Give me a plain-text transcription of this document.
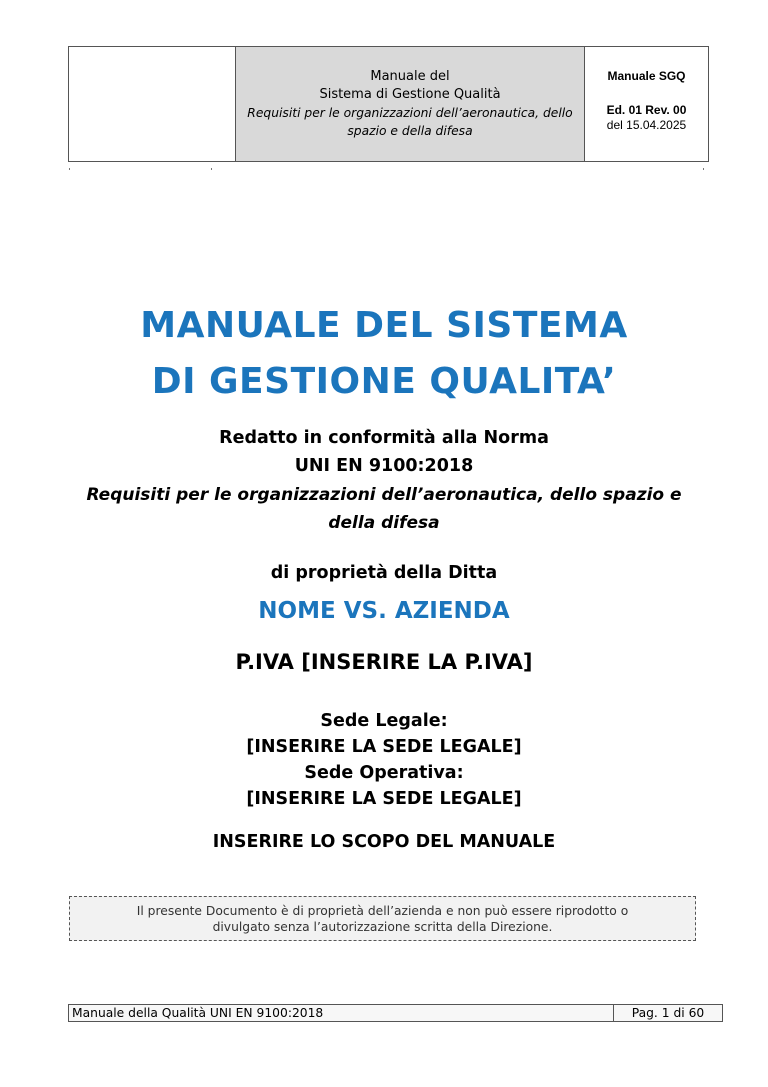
Manuale del
Sistema di Gestione Qualità
Requisiti per le organizzazioni dell’aeronautica, dello
spazio e della difesa
Manuale SGQ
Ed. 01 Rev. 00
del 15.04.2025
MANUALE DEL SISTEMA
DI GESTIONE QUALITA’
Redatto in conformità alla Norma
UNI EN 9100:2018
Requisiti per le organizzazioni dell’aeronautica, dello spazio e
della difesa
di proprietà della Ditta
NOME VS. AZIENDA
P.IVA [INSERIRE LA P.IVA]
Sede Legale:
[INSERIRE LA SEDE LEGALE]
Sede Operativa:
[INSERIRE LA SEDE LEGALE]
INSERIRE LO SCOPO DEL MANUALE
Il presente Documento è di proprietà dell’azienda e non può essere riprodotto o
divulgato senza l’autorizzazione scritta della Direzione.
Manuale della Qualità UNI EN 9100:2018	Pag. 1 di 60
